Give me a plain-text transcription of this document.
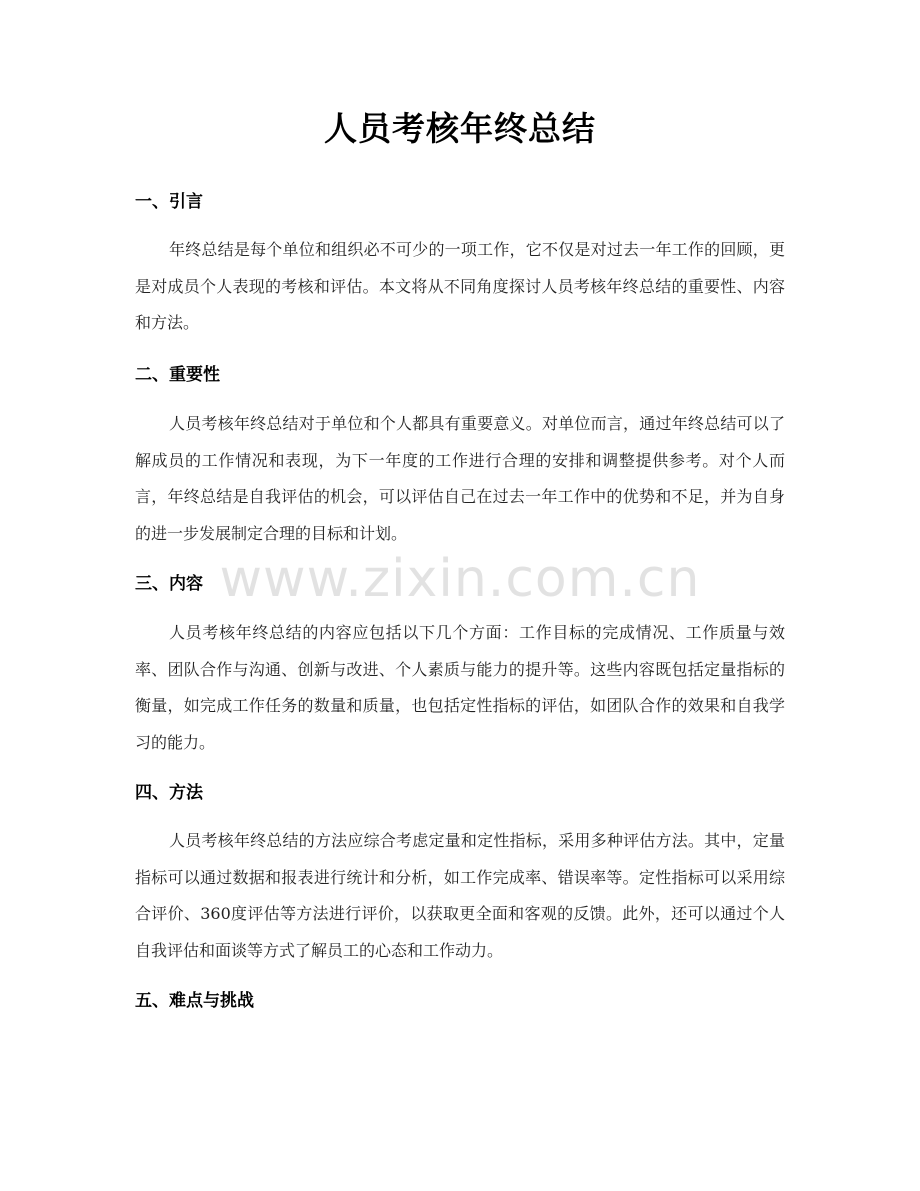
人员考核年终总结
一、引言
年终总结是每个单位和组织必不可少的一项工作，它不仅是对过去一年工作的回顾，更是对成员个人表现的考核和评估。本文将从不同角度探讨人员考核年终总结的重要性、内容和方法。
二、重要性
人员考核年终总结对于单位和个人都具有重要意义。对单位而言，通过年终总结可以了解成员的工作情况和表现，为下一年度的工作进行合理的安排和调整提供参考。对个人而言，年终总结是自我评估的机会，可以评估自己在过去一年工作中的优势和不足，并为自身的进一步发展制定合理的目标和计划。
三、内容
人员考核年终总结的内容应包括以下几个方面：工作目标的完成情况、工作质量与效率、团队合作与沟通、创新与改进、个人素质与能力的提升等。这些内容既包括定量指标的衡量，如完成工作任务的数量和质量，也包括定性指标的评估，如团队合作的效果和自我学习的能力。
四、方法
人员考核年终总结的方法应综合考虑定量和定性指标，采用多种评估方法。其中，定量指标可以通过数据和报表进行统计和分析，如工作完成率、错误率等。定性指标可以采用综合评价、360度评估等方法进行评价，以获取更全面和客观的反馈。此外，还可以通过个人自我评估和面谈等方式了解员工的心态和工作动力。
五、难点与挑战
www.zixin.com.cn
